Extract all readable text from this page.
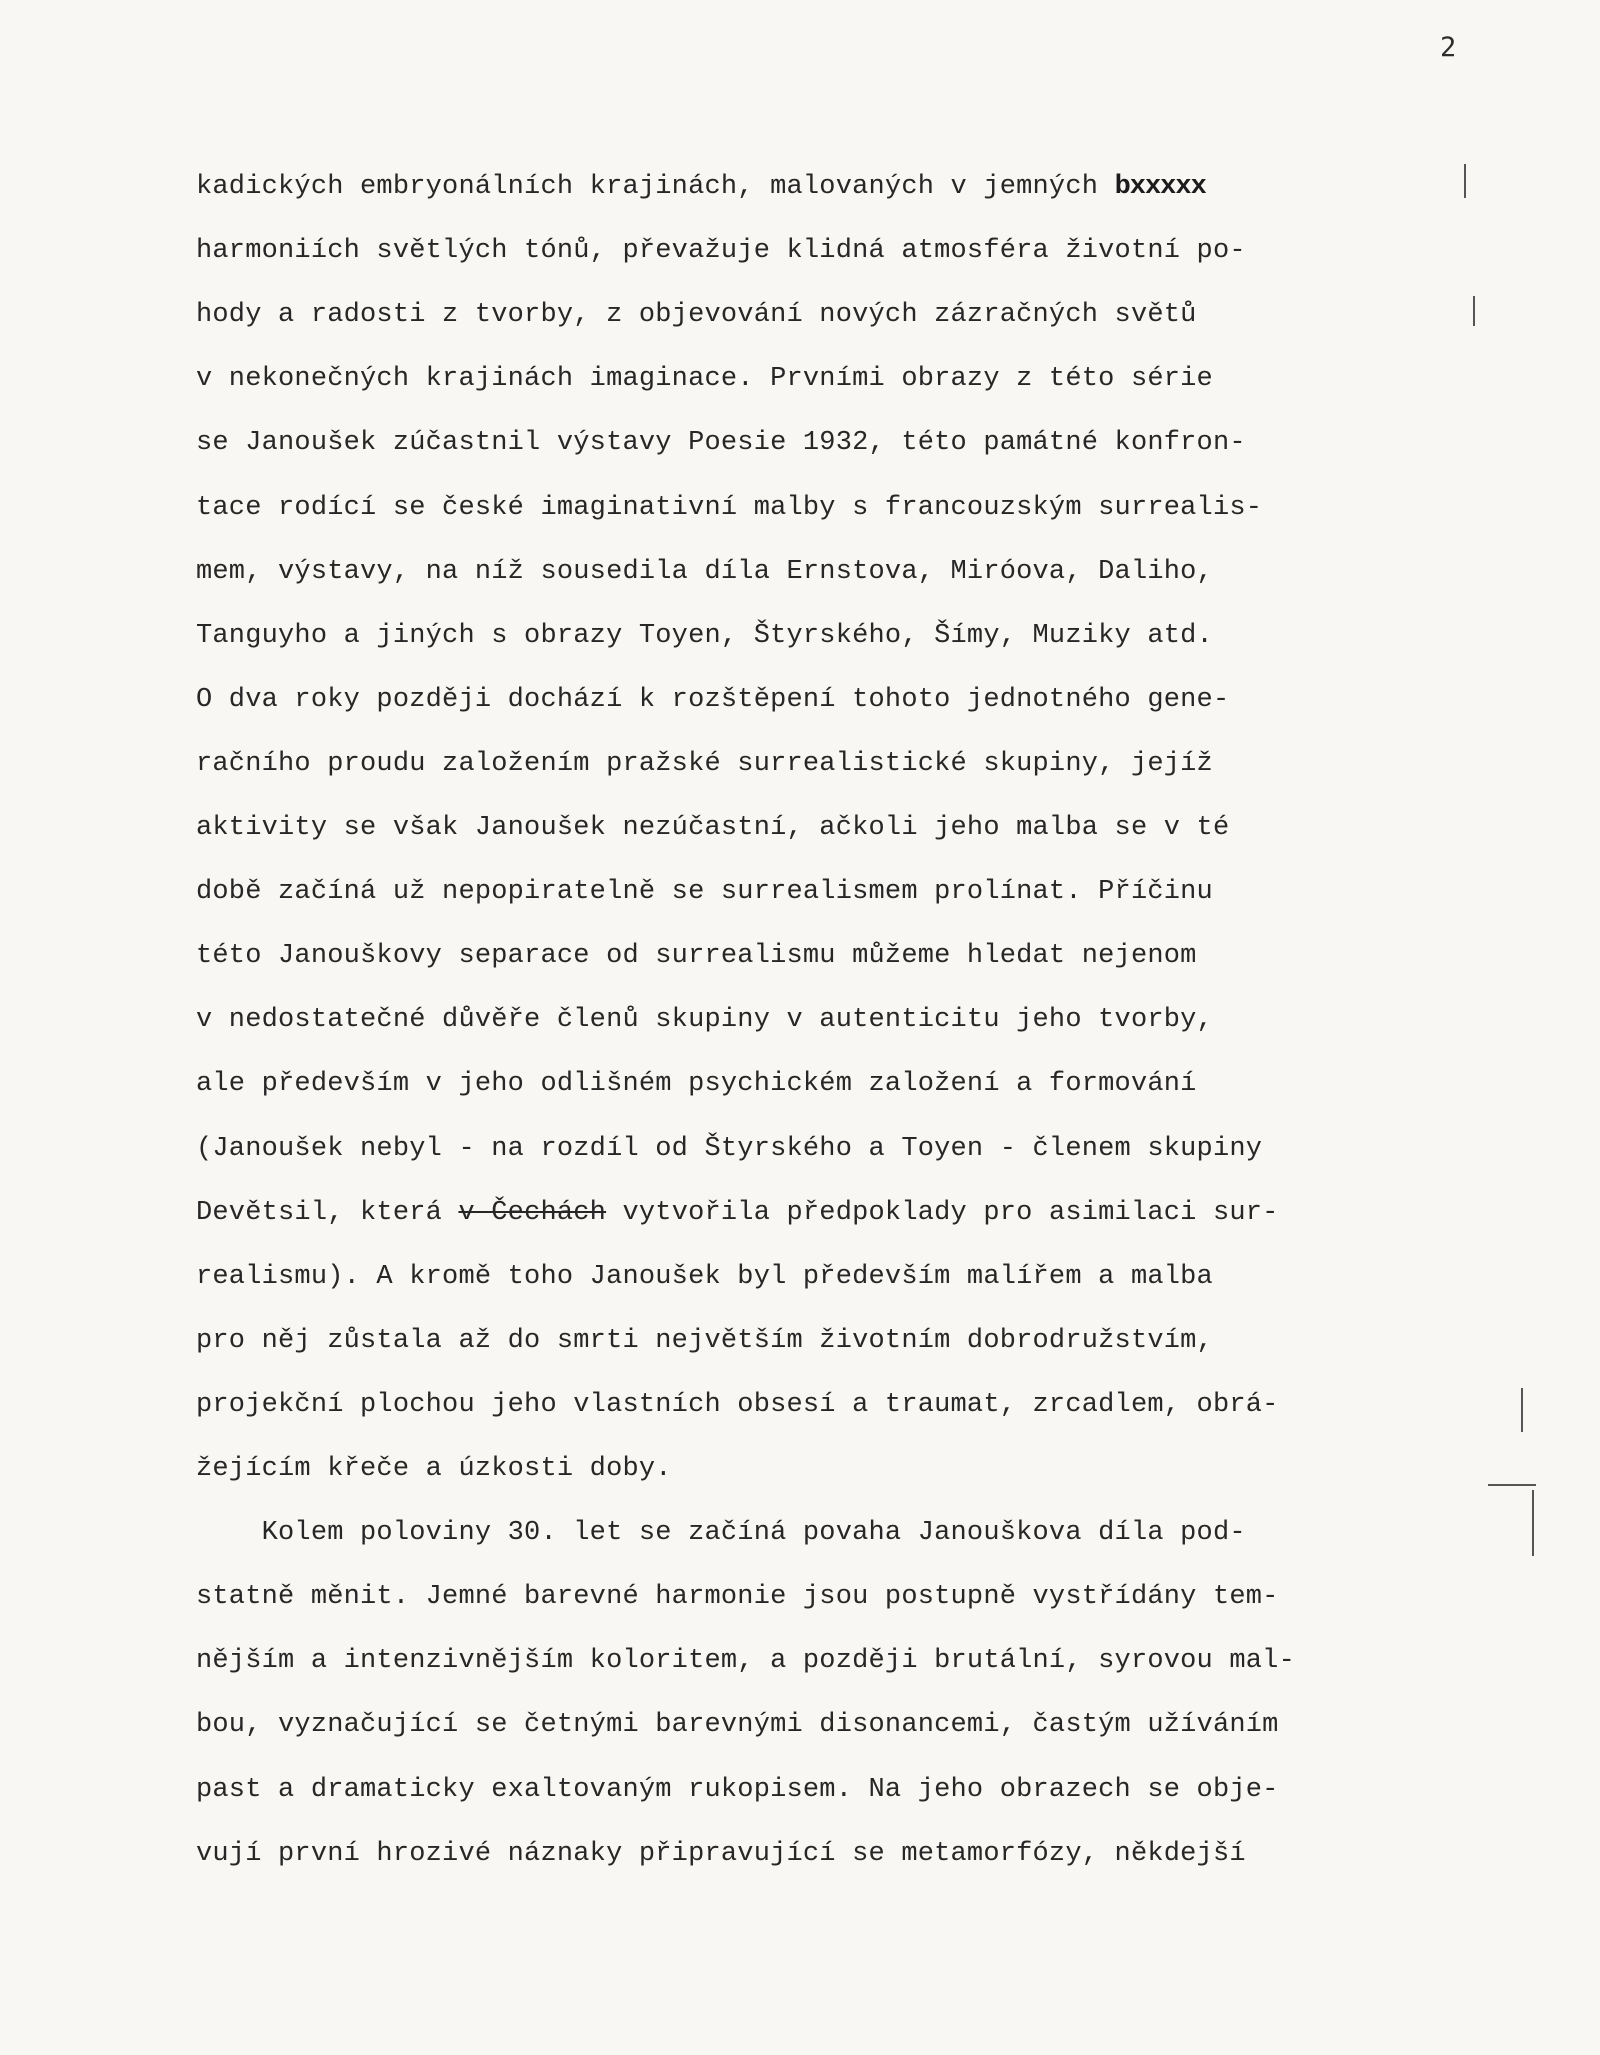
2
kadických embryonálních krajinách, malovaných v jemných bxxxxx
harmoniích světlých tónů, převažuje klidná atmosféra životní po-
hody a radosti z tvorby, z objevování nových zázračných světů
v nekonečných krajinách imaginace. Prvními obrazy z této série
se Janoušek zúčastnil výstavy Poesie 1932, této památné konfron-
tace rodící se české imaginativní malby s francouzským surrealis-
mem, výstavy, na níž sousedila díla Ernstova, Miróova, Daliho,
Tanguyho a jiných s obrazy Toyen, Štyrského, Šímy, Muziky atd.
O dva roky později dochází k rozštěpení tohoto jednotného gene-
račního proudu založením pražské surrealistické skupiny, jejíž
aktivity se však Janoušek nezúčastní, ačkoli jeho malba se v té
době začíná už nepopiratelně se surrealismem prolínat. Příčinu
této Janouškovy separace od surrealismu můžeme hledat nejenom
v nedostatečné důvěře členů skupiny v autenticitu jeho tvorby,
ale především v jeho odlišném psychickém založení a formování
(Janoušek nebyl - na rozdíl od Štyrského a Toyen - členem skupiny
Devětsil, která v Čechách vytvořila předpoklady pro asimilaci sur-
realismu). A kromě toho Janoušek byl především malířem a malba
pro něj zůstala až do smrti největším životním dobrodružstvím,
projekční plochou jeho vlastních obsesí a traumat, zrcadlem, obrá-
žejícím křeče a úzkosti doby.
Kolem poloviny 30. let se začíná povaha Janouškova díla pod-
statně měnit. Jemné barevné harmonie jsou postupně vystřídány tem-
nějším a intenzivnějším koloritem, a později brutální, syrovou mal-
bou, vyznačující se četnými barevnými disonancemi, častým užíváním
past a dramaticky exaltovaným rukopisem. Na jeho obrazech se obje-
vují první hrozivé náznaky připravující se metamorfózy, někdejší
